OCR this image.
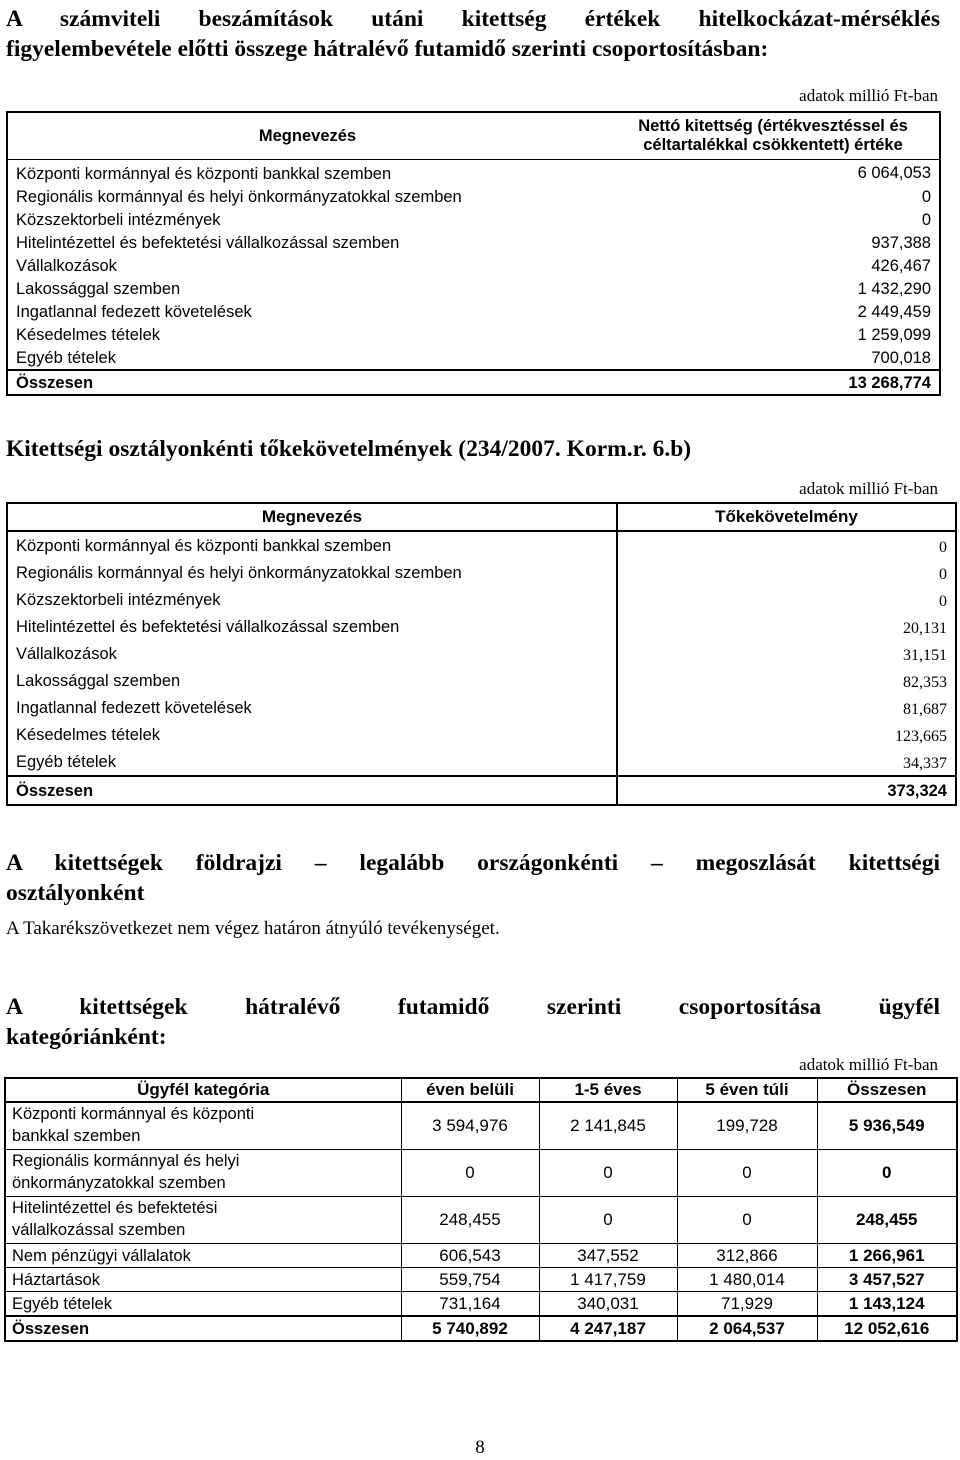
A számviteli beszámítások utáni kitettség értékek hitelkockázat-mérséklés
figyelembevétele előtti összege hátralévő futamidő szerinti csoportosításban:
adatok millió Ft-ban
Megnevezés	Nettó kitettség (értékvesztéssel és
céltartalékkal csökkentett) értéke

Központi kormánnyal és központi bankkal szemben	6 064,053
Regionális kormánnyal és helyi önkormányzatokkal szemben	0
Közszektorbeli intézmények	0
Hitelintézettel és befektetési vállalkozással szemben	937,388
Vállalkozások	426,467
Lakossággal szemben	1 432,290
Ingatlannal fedezett követelések	2 449,459
Késedelmes tételek	1 259,099
Egyéb tételek	700,018
Összesen	13 268,774
Kitettségi osztályonkénti tőkekövetelmények (234/2007. Korm.r. 6.b)
adatok millió Ft-ban
Megnevezés	Tőkekövetelmény
Központi kormánnyal és központi bankkal szemben	0
Regionális kormánnyal és helyi önkormányzatokkal szemben	0
Közszektorbeli intézmények	0
Hitelintézettel és befektetési vállalkozással szemben	20,131
Vállalkozások	31,151
Lakossággal szemben	82,353
Ingatlannal fedezett követelések	81,687
Késedelmes tételek	123,665
Egyéb tételek	34,337
Összesen	373,324
A kitettségek földrajzi – legalább országonkénti – megoszlását kitettségi
osztályonként
A Takarékszövetkezet nem végez határon átnyúló tevékenységet.
A kitettségek hátralévő futamidő szerinti csoportosítása ügyfél
kategóriánként:
adatok millió Ft-ban
Ügyfél kategória	éven belüli	1-5 éves	5 éven túli	Összesen

Központi kormánnyal és központi
bankkal szemben	3 594,976	2 141,845	199,728	5 936,549

Regionális kormánnyal és helyi
önkormányzatokkal szemben	0	0	0	0

Hitelintézettel és befektetési
vállalkozással szemben	248,455	0	0	248,455

Nem pénzügyi vállalatok	606,543	347,552	312,866	1 266,961

Háztartások	559,754	1 417,759	1 480,014	3 457,527

Egyéb tételek	731,164	340,031	71,929	1 143,124
Összesen	5 740,892	4 247,187	2 064,537	12 052,616
8
